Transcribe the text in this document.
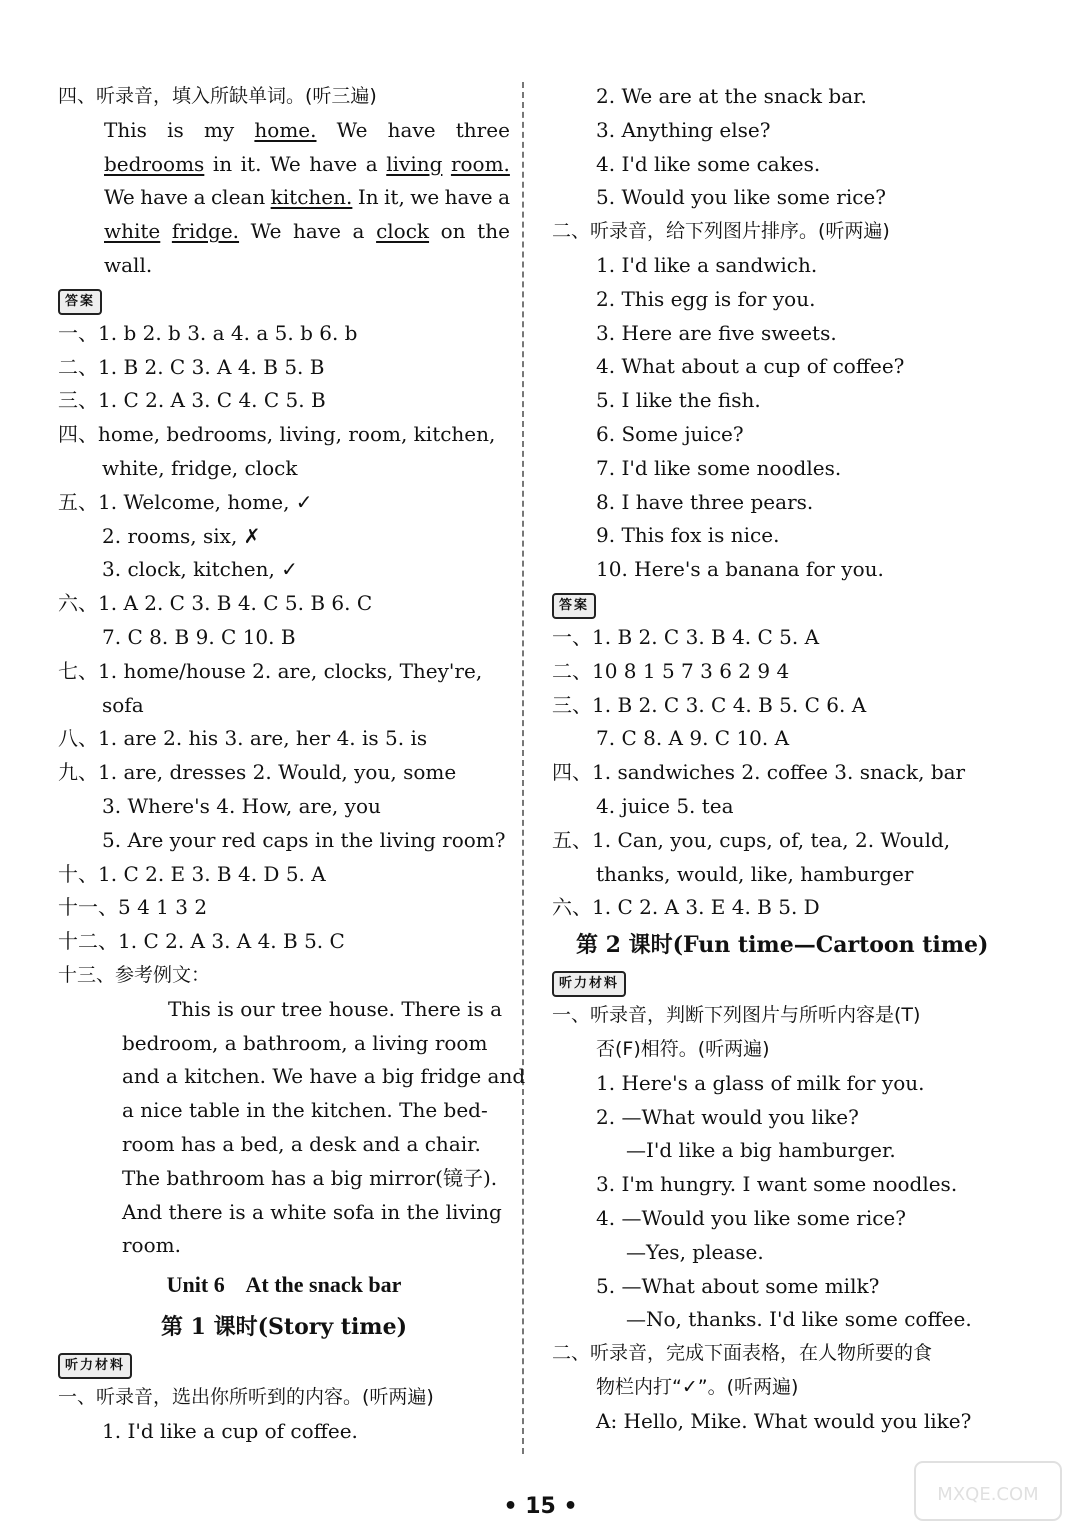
四、听录音，填入所缺单词。(听三遍)
This is my home. We have three
bedrooms in it. We have a living room.
We have a clean kitchen. In it, we have a
white fridge. We have a clock on the
wall.
答案
一、1. b 2. b 3. a 4. a 5. b 6. b
二、1. B 2. C 3. A 4. B 5. B
三、1. C 2. A 3. C 4. C 5. B
四、home, bedrooms, living, room, kitchen,
white, fridge, clock
五、1. Welcome, home, ✓
2. rooms, six, ✗
3. clock, kitchen, ✓
六、1. A 2. C 3. B 4. C 5. B 6. C
7. C 8. B 9. C 10. B
七、1. home/house 2. are, clocks, They're,
sofa
八、1. are 2. his 3. are, her 4. is 5. is
九、1. are, dresses 2. Would, you, some
3. Where's 4. How, are, you
5. Are your red caps in the living room?
十、1. C 2. E 3. B 4. D 5. A
十一、5 4 1 3 2
十二、1. C 2. A 3. A 4. B 5. C
十三、参考例文：
This is our tree house. There is a
bedroom, a bathroom, a living room
and a kitchen. We have a big fridge and
a nice table in the kitchen. The bed-
room has a bed, a desk and a chair.
The bathroom has a big mirror(镜子).
And there is a white sofa in the living
room.
Unit 6    At the snack bar
第 1 课时(Story time)
听力材料
一、听录音，选出你所听到的内容。(听两遍)
1. I'd like a cup of coffee.
2. We are at the snack bar.
3. Anything else?
4. I'd like some cakes.
5. Would you like some rice?
二、听录音，给下列图片排序。(听两遍)
1. I'd like a sandwich.
2. This egg is for you.
3. Here are five sweets.
4. What about a cup of coffee?
5. I like the fish.
6. Some juice?
7. I'd like some noodles.
8. I have three pears.
9. This fox is nice.
10. Here's a banana for you.
答案
一、1. B 2. C 3. B 4. C 5. A
二、10 8 1 5 7 3 6 2 9 4
三、1. B 2. C 3. C 4. B 5. C 6. A
7. C 8. A 9. C 10. A
四、1. sandwiches 2. coffee 3. snack, bar
4. juice 5. tea
五、1. Can, you, cups, of, tea, 2. Would,
thanks, would, like, hamburger
六、1. C 2. A 3. E 4. B 5. D
第 2 课时(Fun time—Cartoon time)
听力材料
一、听录音，判断下列图片与所听内容是(T)
否(F)相符。(听两遍)
1. Here's a glass of milk for you.
2. —What would you like?
—I'd like a big hamburger.
3. I'm hungry. I want some noodles.
4. —Would you like some rice?
—Yes, please.
5. —What about some milk?
—No, thanks. I'd like some coffee.
二、听录音，完成下面表格，在人物所要的食
物栏内打“✓”。(听两遍)
A: Hello, Mike. What would you like?
• 15 •	MXQE.COM
